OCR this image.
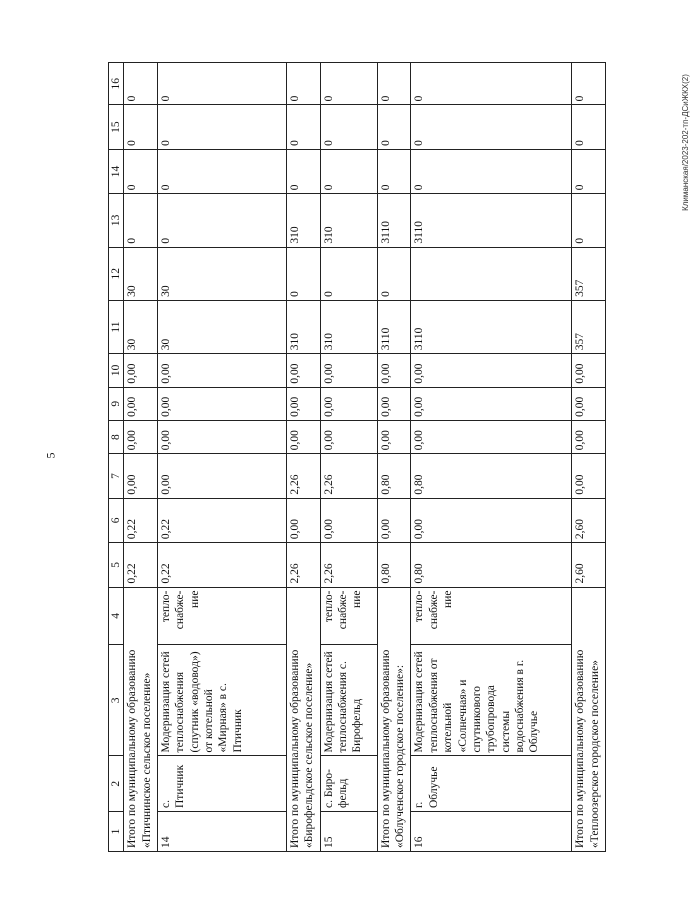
5
Климанская/2023-202-тп-ДСиЖКХ(2)
1	2	3	4	5	6	7	8	9	10	11	12	13	14	15	16
Итого по муниципальному образованию «Птичнинское сельское поселение»				0,22	0,22	0,00	0,00	0,00	0,00	30	30	0	0	0	0
14	с. Птичник	Модернизация сетей теплоснабжения (спутник «водовод») от котельной «Мирная» в с. Птичник	тепло-снабже-ние	0,22	0,22	0,00	0,00	0,00	0,00	30	30	0	0	0	0
Итого по муниципальному образованию «Бирофельдское сельское поселение»				2,26	0,00	2,26	0,00	0,00	0,00	310	0	310	0	0	0
15	с. Биро-фельд	Модернизация сетей теплоснабжения с. Бирофельд	тепло-снабже-ние	2,26	0,00	2,26	0,00	0,00	0,00	310	0	310	0	0	0
Итого по муниципальному образованию «Облученское городское поселение»:				0,80	0,00	0,80	0,00	0,00	0,00	3110	0	3110	0	0	0
16	г. Облучье	Модернизация сетей теплоснабжения от котельной «Солнечная» и спутникового трубопровода системы водоснабжения в г. Облучье	тепло-снабже-ние	0,80	0,00	0,80	0,00	0,00	0,00	3110		3110	0	0	0
Итого по муниципальному образованию «Теплоозерское городское поселение»				2,60	2,60	0,00	0,00	0,00	0,00	357	357	0	0	0	0
